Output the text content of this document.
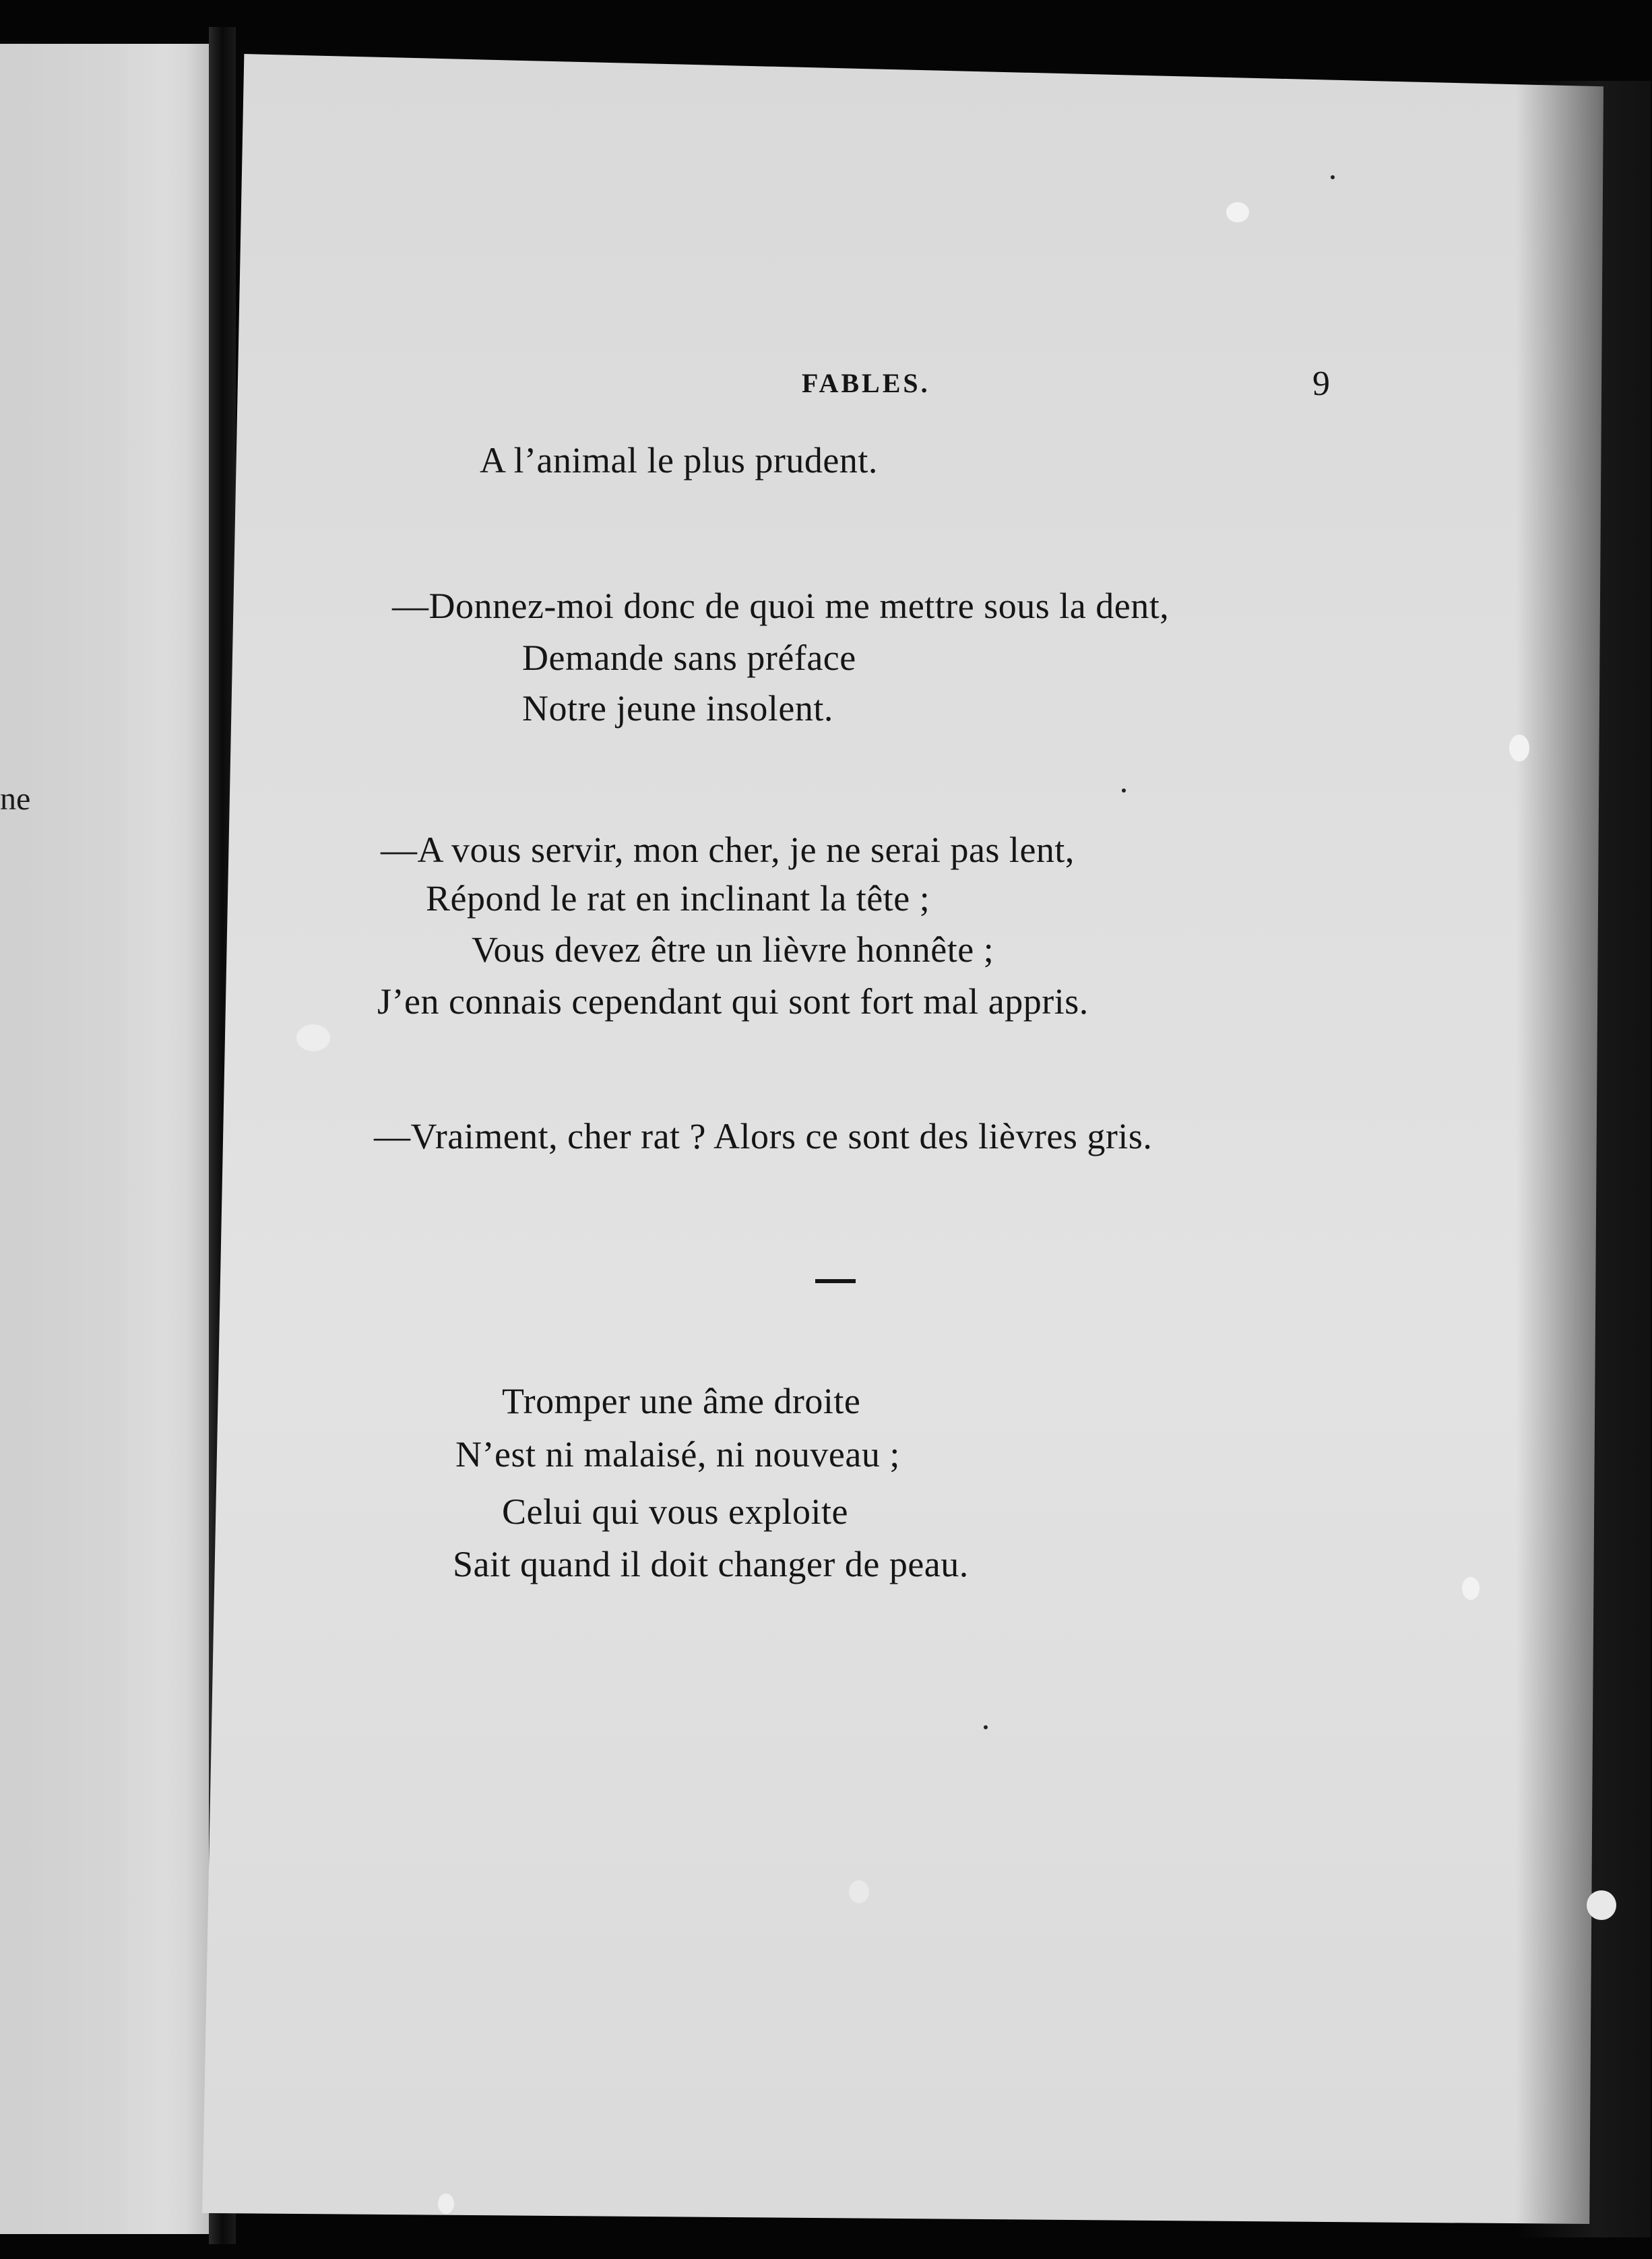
ne
FABLES.	9
A l’animal le plus prudent.
—Donnez-moi donc de quoi me mettre sous la dent,
Demande sans préface
Notre jeune insolent.
—A vous servir, mon cher, je ne serai pas lent,
Répond le rat en inclinant la tête ;
Vous devez être un lièvre honnête ;
J’en connais cependant qui sont fort mal appris.
—Vraiment, cher rat ? Alors ce sont des lièvres gris.
Tromper une âme droite
N’est ni malaisé, ni nouveau ;
Celui qui vous exploite
Sait quand il doit changer de peau.
